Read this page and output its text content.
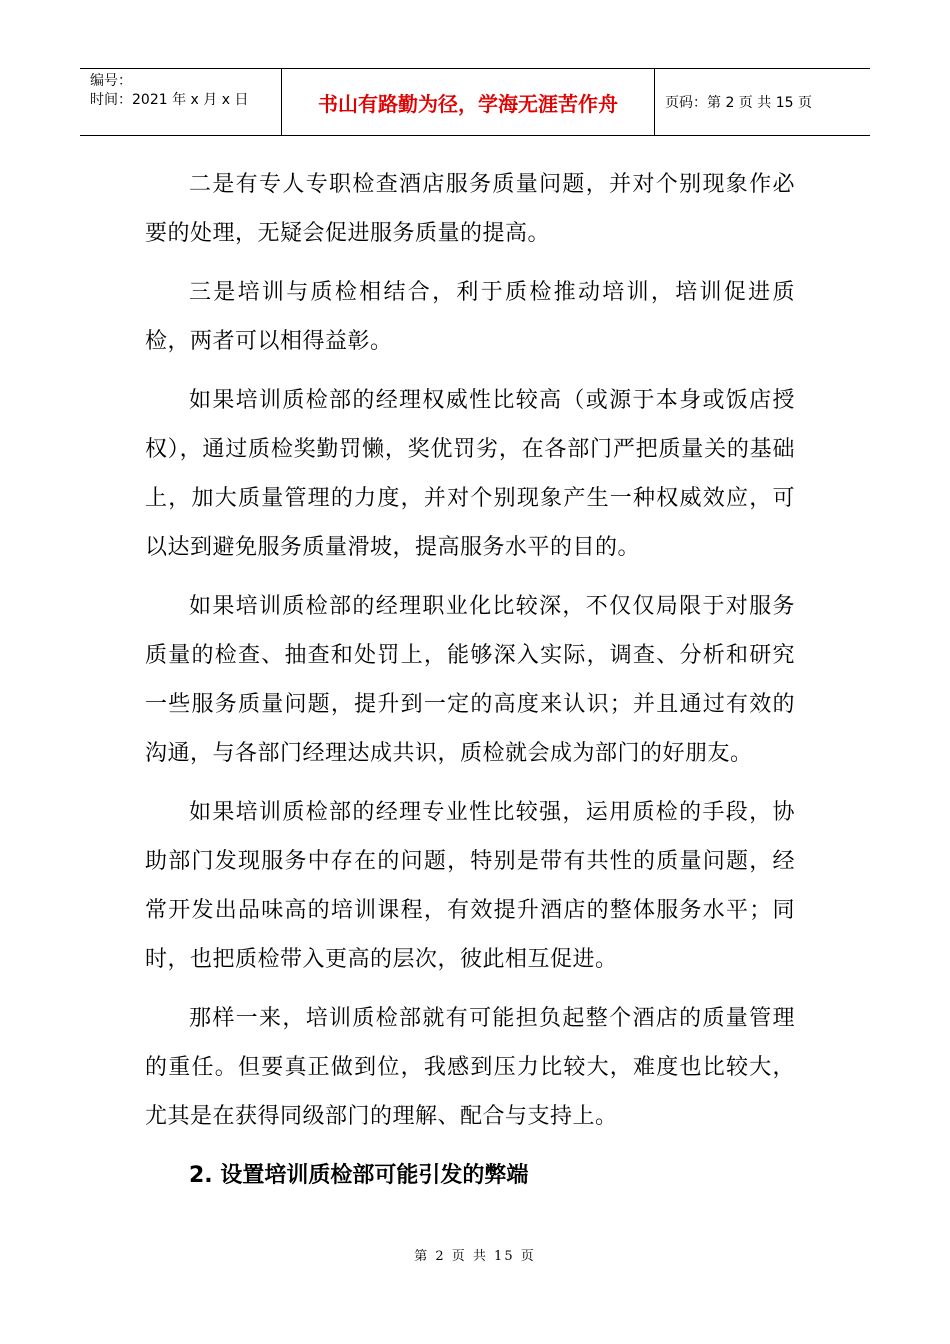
编号：
时间：2021 年 x 月 x 日	书山有路勤为径，学海无涯苦作舟	页码：第 2 页 共 15 页

二是有专人专职检查酒店服务质量问题，并对个别现象作必要的处理，无疑会促进服务质量的提高。

三是培训与质检相结合，利于质检推动培训，培训促进质检，两者可以相得益彰。

如果培训质检部的经理权威性比较高（或源于本身或饭店授权），通过质检奖勤罚懒，奖优罚劣，在各部门严把质量关的基础上，加大质量管理的力度，并对个别现象产生一种权威效应，可以达到避免服务质量滑坡，提高服务水平的目的。

如果培训质检部的经理职业化比较深，不仅仅局限于对服务质量的检查、抽查和处罚上，能够深入实际，调查、分析和研究一些服务质量问题，提升到一定的高度来认识；并且通过有效的沟通，与各部门经理达成共识，质检就会成为部门的好朋友。

如果培训质检部的经理专业性比较强，运用质检的手段，协助部门发现服务中存在的问题，特别是带有共性的质量问题，经常开发出品味高的培训课程，有效提升酒店的整体服务水平；同时，也把质检带入更高的层次，彼此相互促进。

那样一来，培训质检部就有可能担负起整个酒店的质量管理的重任。但要真正做到位，我感到压力比较大，难度也比较大，尤其是在获得同级部门的理解、配合与支持上。

2. 设置培训质检部可能引发的弊端

第 2 页 共 15 页
